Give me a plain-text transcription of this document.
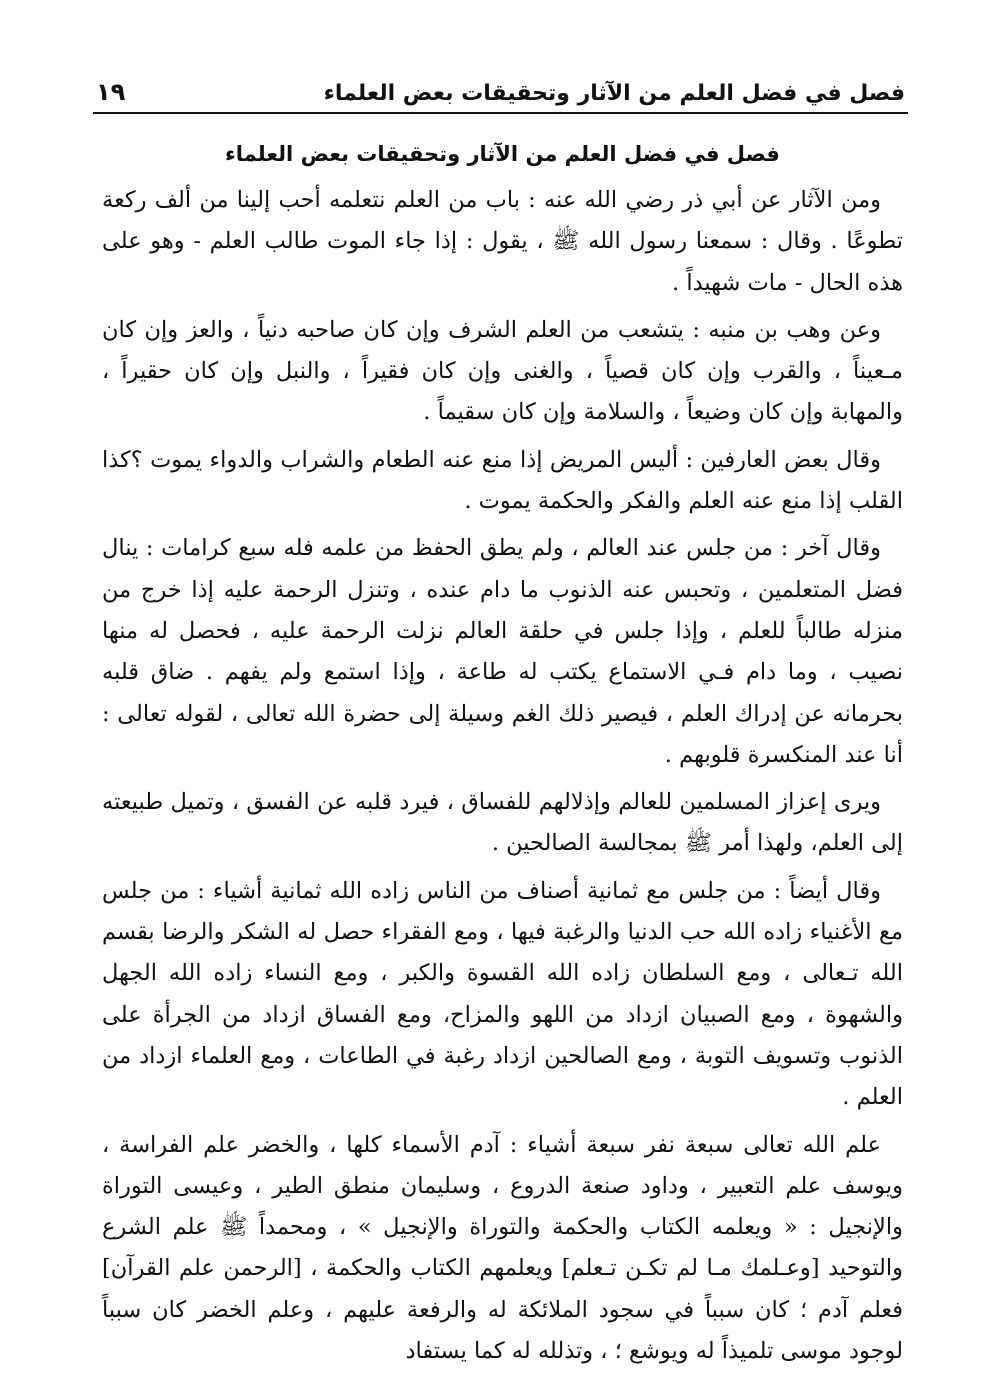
فصل في فضل العلم من الآثار وتحقيقات بعض العلماء
١٩
فصل في فضل العلم من الآثار وتحقيقات بعض العلماء

ومن الآثار عن أبي ذر رضي الله عنه : باب من العلم نتعلمه أحب إلينا من ألف ركعة تطوعًا . وقال : سمعنا رسول الله ﷺ ، يقول : إذا جاء الموت طالب العلم - وهو على هذه الحال - مات شهيداً .

وعن وهب بن منبه : يتشعب من العلم الشرف وإن كان صاحبه دنياً ، والعز وإن كان مـعيناً ، والقرب وإن كان قصياً ، والغنى وإن كان فقيراً ، والنبل وإن كان حقيراً ، والمهابة وإن كان وضيعاً ، والسلامة وإن كان سقيماً .

وقال بعض العارفين : أليس المريض إذا منع عنه الطعام والشراب والدواء يموت ؟كذا القلب إذا منع عنه العلم والفكر والحكمة يموت .

وقال آخر : من جلس عند العالم ، ولم يطق الحفظ من علمه فله سبع كرامات : ينال فضل المتعلمين ، وتحبس عنه الذنوب ما دام عنده ، وتنزل الرحمة عليه إذا خرج من منزله طالباً للعلم ، وإذا جلس في حلقة العالم نزلت الرحمة عليه ، فحصل له منها نصيب ، وما دام فـي الاستماع يكتب له طاعة ، وإذا استمع ولم يفهم . ضاق قلبه بحرمانه عن إدراك العلم ، فيصير ذلك الغم وسيلة إلى حضرة الله تعالى ، لقوله تعالى : أنا عند المنكسرة قلوبهم .

ويرى إعزاز المسلمين للعالم وإذلالهم للفساق ، فيرد قلبه عن الفسق ، وتميل طبيعته إلى العلم، ولهذا أمر ﷺ بمجالسة الصالحين .

وقال أيضاً : من جلس مع ثمانية أصناف من الناس زاده الله ثمانية أشياء : من جلس مع الأغنياء زاده الله حب الدنيا والرغبة فيها ، ومع الفقراء حصل له الشكر والرضا بقسم الله تـعالى ، ومع السلطان زاده الله القسوة والكبر ، ومع النساء زاده الله الجهل والشهوة ، ومع الصبيان ازداد من اللهو والمزاح، ومع الفساق ازداد من الجرأة على الذنوب وتسويف التوبة ، ومع الصالحين ازداد رغبة في الطاعات ، ومع العلماء ازداد من العلم .

علم الله تعالى سبعة نفر سبعة أشياء : آدم الأسماء كلها ، والخضر علم الفراسة ، ويوسف علم التعبير ، وداود صنعة الدروع ، وسليمان منطق الطير ، وعيسى التوراة والإنجيل : « ويعلمه الكتاب والحكمة والتوراة والإنجيل » ، ومحمداً ﷺ علم الشرع والتوحيد [وعـلمك مـا لم تكـن تـعلم] ويعلمهم الكتاب والحكمة ، [الرحمن علم القرآن] فعلم آدم ؛ كان سبباً في سجود الملائكة له والرفعة عليهم ، وعلم الخضر كان سبباً لوجود موسى تلميذاً له ويوشع ؛ ، وتذلله له كما يستفاد
